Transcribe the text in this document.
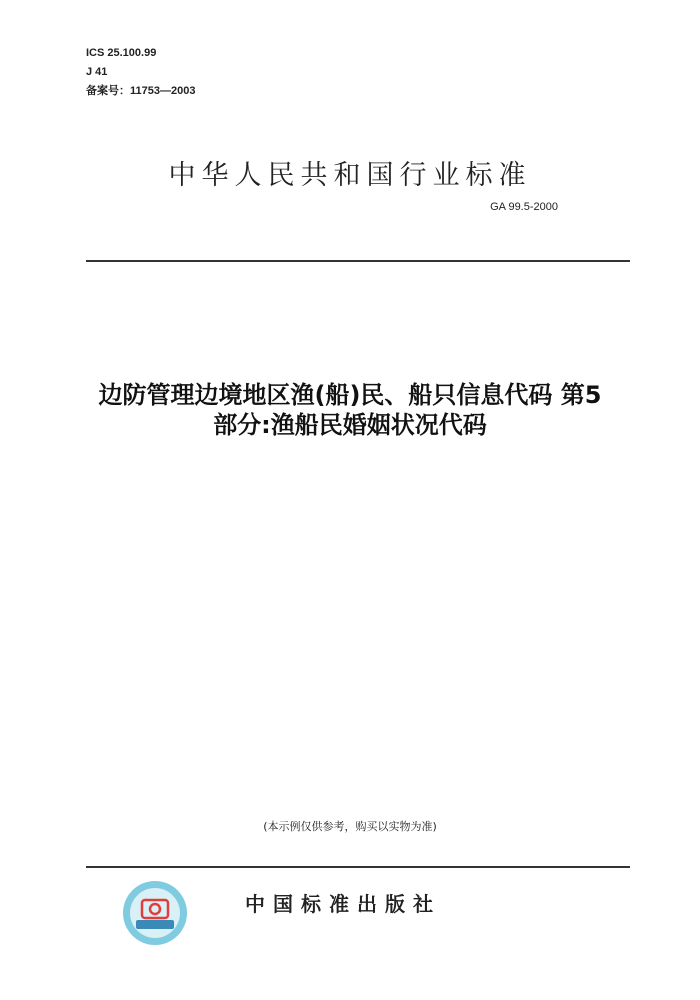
ICS 25.100.99
J 41
备案号：11753—2003
中华人民共和国行业标准
GA 99.5-2000
边防管理边境地区渔(船)民、船只信息代码 第5
部分:渔船民婚姻状况代码
(本示例仅供参考，购买以实物为准)
中国标准出版社
